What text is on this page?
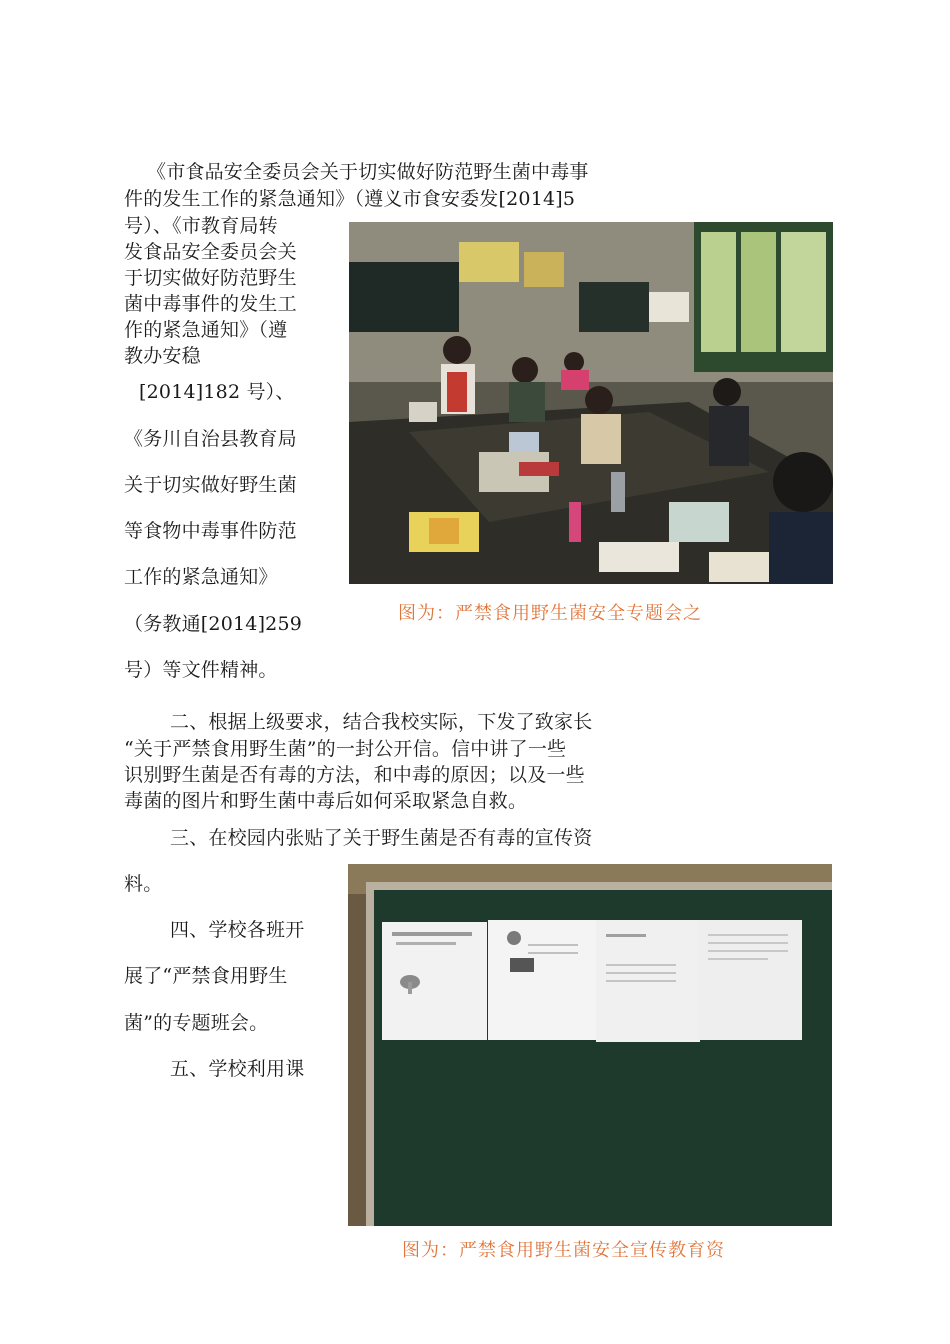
《市食品安全委员会关于切实做好防范野生菌中毒事
件的发生工作的紧急通知》（遵义市食安委发[2014]5
号）、《市教育局转
发食品安全委员会关
于切实做好防范野生
菌中毒事件的发生工
作的紧急通知》（遵
教办安稳
[2014]182 号）、
《务川自治县教育局
关于切实做好野生菌
等食物中毒事件防范
工作的紧急通知》
（务教通[2014]259
号）等文件精神。
图为：严禁食用野生菌安全专题会之
二、根据上级要求，结合我校实际，下发了致家长
“关于严禁食用野生菌”的一封公开信。信中讲了一些
识别野生菌是否有毒的方法，和中毒的原因；以及一些
毒菌的图片和野生菌中毒后如何采取紧急自救。
三、在校园内张贴了关于野生菌是否有毒的宣传资
料。
四、学校各班开
展了“严禁食用野生
菌”的专题班会。
五、学校利用课
图为：严禁食用野生菌安全宣传教育资
